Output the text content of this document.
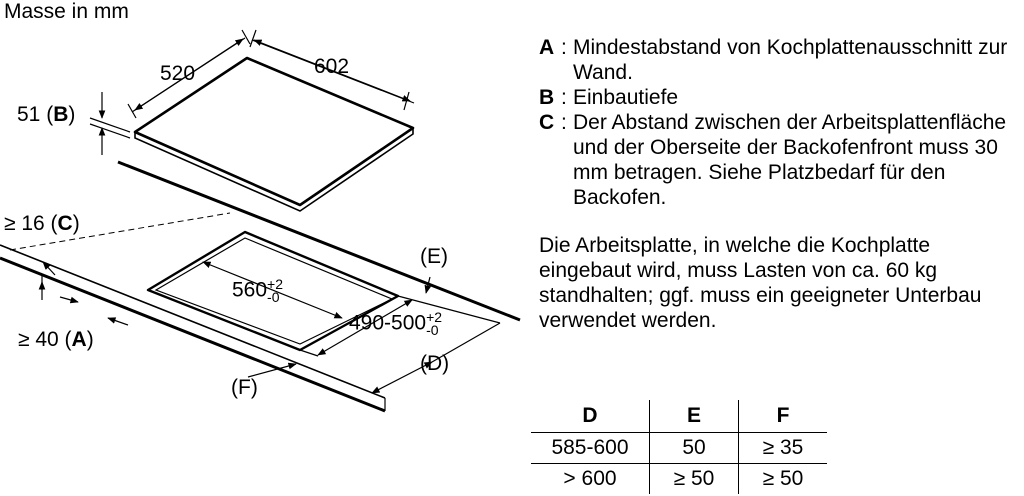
Masse in mm
520	602
51 (B)
≥ 16 (C)
≥ 40 (A)
560+2
-0
490-500+2
-0
(E)
(D)
(F)
A : Mindestabstand von Kochplattenausschnitt zur Wand.
B : Einbautiefe
C : Der Abstand zwischen der Arbeitsplattenfläche und der Oberseite der Backofenfront muss 30 mm betragen. Siehe Platzbedarf für den Backofen.
Die Arbeitsplatte, in welche die Kochplatte eingebaut wird, muss Lasten von ca. 60 kg standhalten; ggf. muss ein geeigneter Unterbau verwendet werden.
D	E	F
585-600	50	≥ 35
> 600	≥ 50	≥ 50
